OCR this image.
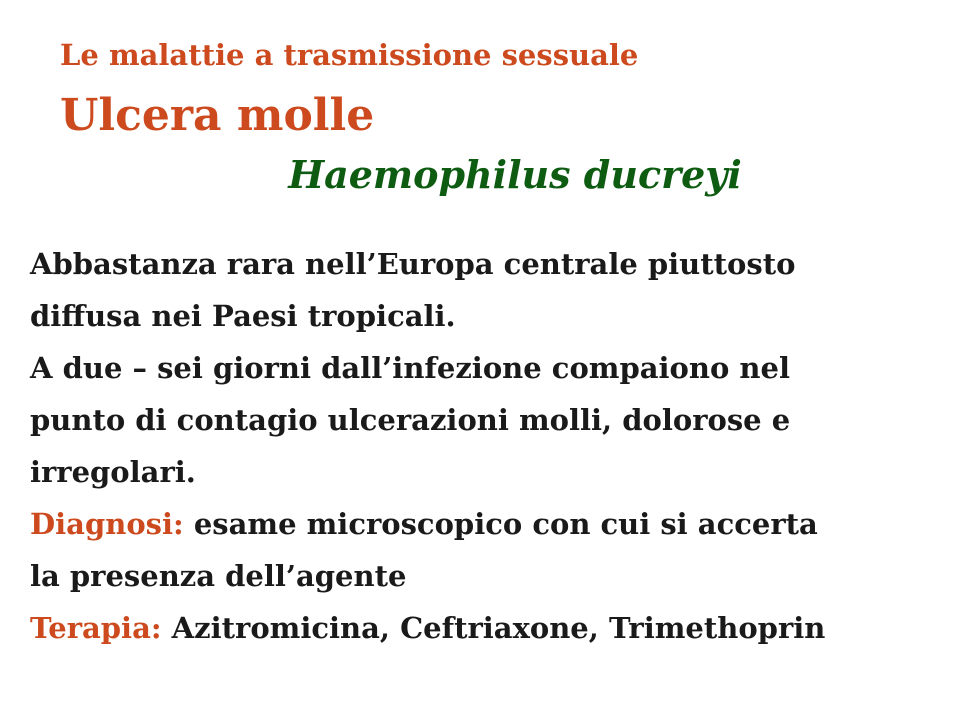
Le malattie a trasmissione sessuale
Ulcera molle
Haemophilus ducreyi

Abbastanza rara nell’Europa centrale piuttosto

diffusa nei Paesi tropicali.

A due – sei giorni dall’infezione compaiono nel

punto di contagio ulcerazioni molli, dolorose e

irregolari.

Diagnosi: esame microscopico con cui si accerta

la presenza dell’agente

Terapia: Azitromicina, Ceftriaxone, Trimethoprin
